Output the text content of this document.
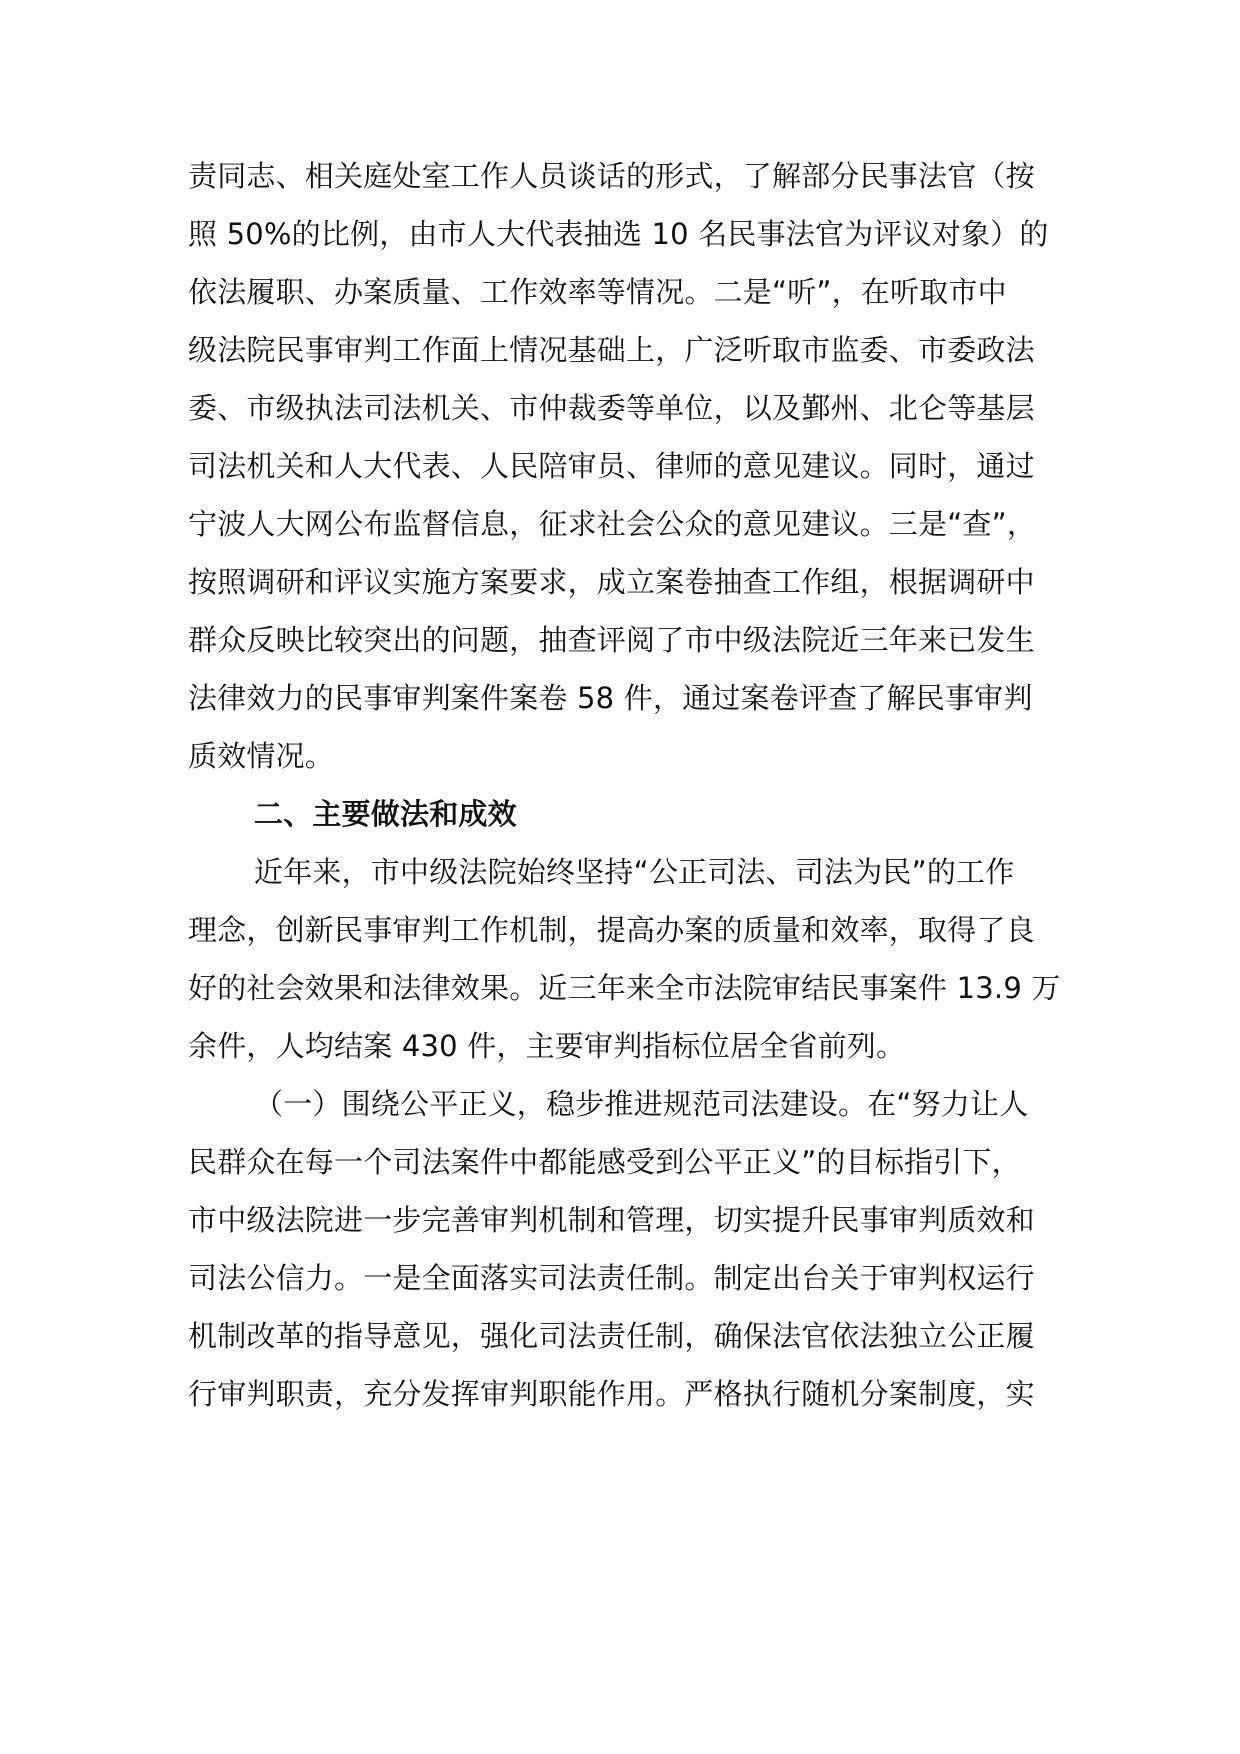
责同志、相关庭处室工作人员谈话的形式，了解部分民事法官（按
照 50%的比例，由市人大代表抽选 10 名民事法官为评议对象）的
依法履职、办案质量、工作效率等情况。二是“听”，在听取市中
级法院民事审判工作面上情况基础上，广泛听取市监委、市委政法
委、市级执法司法机关、市仲裁委等单位，以及鄞州、北仑等基层
司法机关和人大代表、人民陪审员、律师的意见建议。同时，通过
宁波人大网公布监督信息，征求社会公众的意见建议。三是“查”，
按照调研和评议实施方案要求，成立案卷抽查工作组，根据调研中
群众反映比较突出的问题，抽查评阅了市中级法院近三年来已发生
法律效力的民事审判案件案卷 58 件，通过案卷评查了解民事审判
质效情况。
二、主要做法和成效
近年来，市中级法院始终坚持“公正司法、司法为民”的工作
理念，创新民事审判工作机制，提高办案的质量和效率，取得了良
好的社会效果和法律效果。近三年来全市法院审结民事案件 13.9 万
余件，人均结案 430 件，主要审判指标位居全省前列。
（一）围绕公平正义，稳步推进规范司法建设。在“努力让人
民群众在每一个司法案件中都能感受到公平正义”的目标指引下，
市中级法院进一步完善审判机制和管理，切实提升民事审判质效和
司法公信力。一是全面落实司法责任制。制定出台关于审判权运行
机制改革的指导意见，强化司法责任制，确保法官依法独立公正履
行审判职责，充分发挥审判职能作用。严格执行随机分案制度，实
